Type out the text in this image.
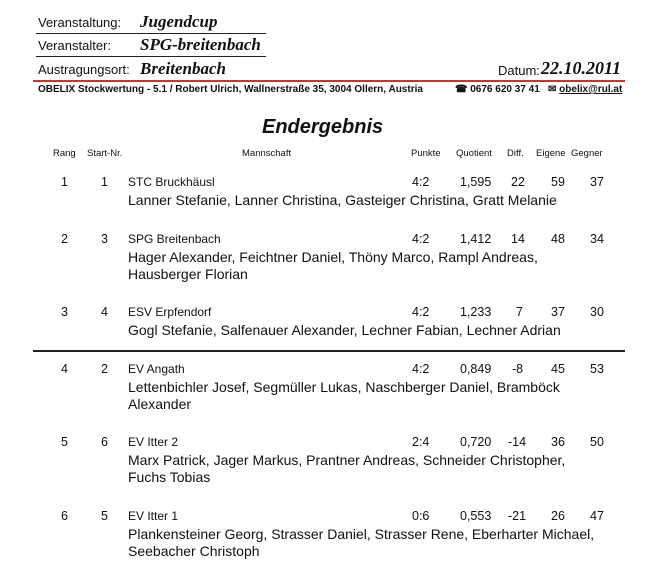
Veranstaltung: Jugendcup
Veranstalter: SPG-breitenbach
Austragungsort: Breitenbach	Datum: 22.10.2011
OBELIX Stockwertung - 5.1 / Robert Ulrich, Wallnerstraße 35, 3004 Ollern, Austria	☎ 0676 620 37 41 ✉ obelix@rul.at
Endergebnis
Rang Start-Nr.	Mannschaft	Punkte Quotient Diff. Eigene Gegner
1	1 STC Bruckhäusl	4:2 1,595 22 59 37
Lanner Stefanie, Lanner Christina, Gasteiger Christina, Gratt Melanie
2	3 SPG Breitenbach	4:2 1,412 14 48 34
Hager Alexander, Feichtner Daniel, Thöny Marco, Rampl Andreas, Hausberger Florian
3	4 ESV Erpfendorf	4:2 1,233 7 37 30
Gogl Stefanie, Salfenauer Alexander, Lechner Fabian, Lechner Adrian
4	2 EV Angath	4:2 0,849 -8 45 53
Lettenbichler Josef, Segmüller Lukas, Naschberger Daniel, Bramböck Alexander
5	6 EV Itter 2	2:4 0,720 -14 36 50
Marx Patrick, Jager Markus, Prantner Andreas, Schneider Christopher, Fuchs Tobias
6	5 EV Itter 1	0:6 0,553 -21 26 47
Plankensteiner Georg, Strasser Daniel, Strasser Rene, Eberharter Michael, Seebacher Christoph
